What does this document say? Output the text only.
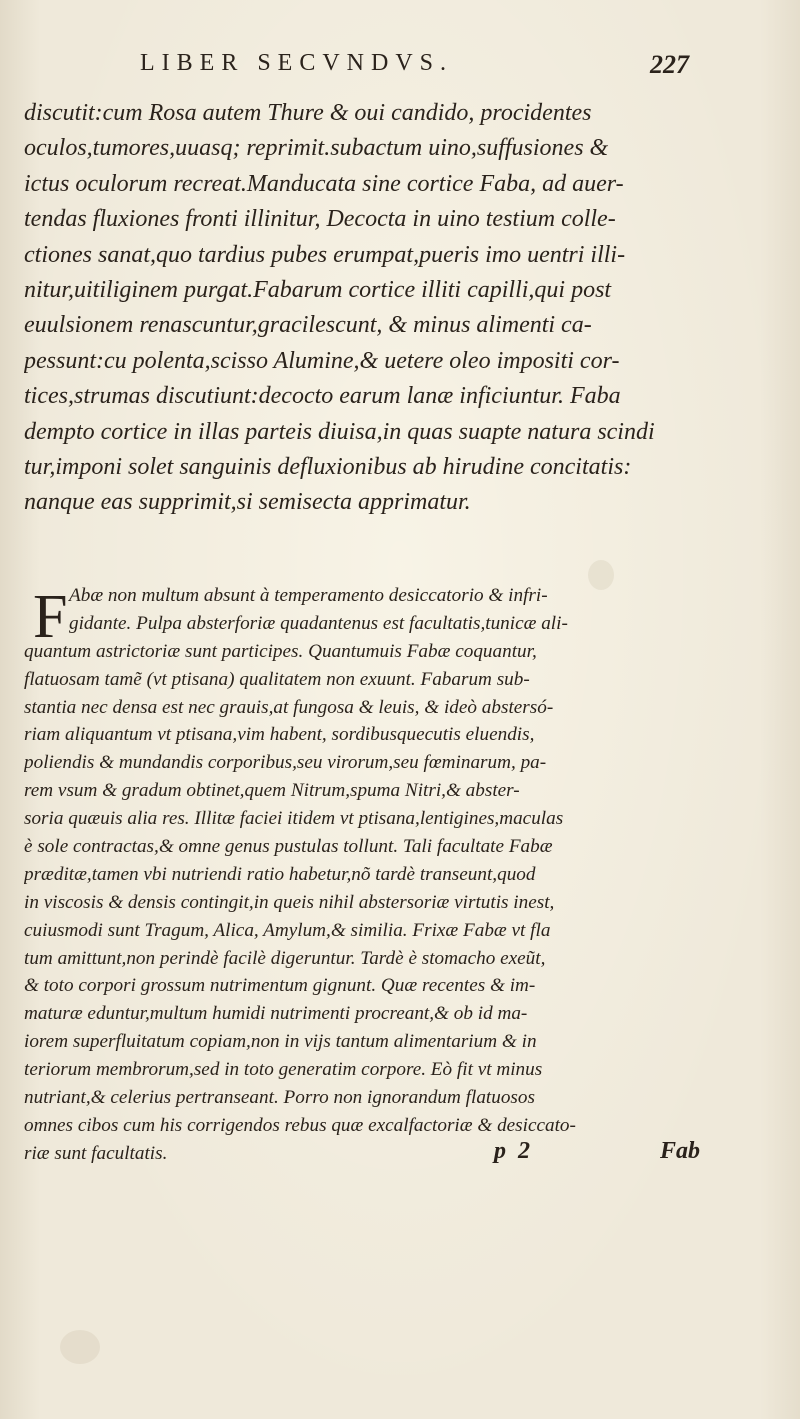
LIBER SECVNDVS.	227
discutit:cum Rosa autem Thure & oui candido, procidentes
oculos,tumores,uuasq; reprimit.subactum uino,suffusiones &
ictus oculorum recreat.Manducata sine cortice Faba, ad auer-
tendas fluxiones fronti illinitur, Decocta in uino testium colle-
ctiones sanat,quo tardius pubes erumpat,pueris imo uentri illi-
nitur,uitiliginem purgat.Fabarum cortice illiti capilli,qui post
euulsionem renascuntur,gracilescunt, & minus alimenti ca-
pessunt:cu polenta,scisso Alumine,& uetere oleo impositi cor-
tices,strumas discutiunt:decocto earum lanæ inficiuntur. Faba
dempto cortice in illas parteis diuisa,in quas suapte natura scindi
tur,imponi solet sanguinis defluxionibus ab hirudine concitatis:
nanque eas supprimit,si semisecta apprimatur.
F Abæ non multum absunt à temperamento desiccatorio & infri-
gidante. Pulpa absterforiæ quadantenus est facultatis,tunicæ ali-
quantum astrictoriæ sunt participes. Quantumuis Fabæ coquantur,
flatuosam tamẽ (vt ptisana) qualitatem non exuunt. Fabarum sub-
stantia nec densa est nec grauis,at fungosa & leuis, & ideò abstersó-
riam aliquantum vt ptisana,vim habent, sordibusquecutis eluendis,
poliendis & mundandis corporibus,seu virorum,seu fœminarum, pa-
rem vsum & gradum obtinet,quem Nitrum,spuma Nitri,& abster-
soria quæuis alia res. Illitæ faciei itidem vt ptisana,lentigines,maculas
è sole contractas,& omne genus pustulas tollunt. Tali facultate Fabæ
præditæ,tamen vbi nutriendi ratio habetur,nõ tardè transeunt,quod
in viscosis & densis contingit,in queis nihil abstersoriæ virtutis inest,
cuiusmodi sunt Tragum, Alica, Amylum,& similia. Frixæ Fabæ vt fla
tum amittunt,non perindè facilè digeruntur. Tardè è stomacho exeũt,
& toto corpori grossum nutrimentum gignunt. Quæ recentes & im-
maturæ eduntur,multum humidi nutrimenti procreant,& ob id ma-
iorem superfluitatum copiam,non in vijs tantum alimentarium & in
teriorum membrorum,sed in toto generatim corpore. Eò fit vt minus
nutriant,& celerius pertranseant. Porro non ignorandum flatuosos
omnes cibos cum his corrigendos rebus quæ excalfactoriæ & desiccato-
riæ sunt facultatis.	p  2	Fab
